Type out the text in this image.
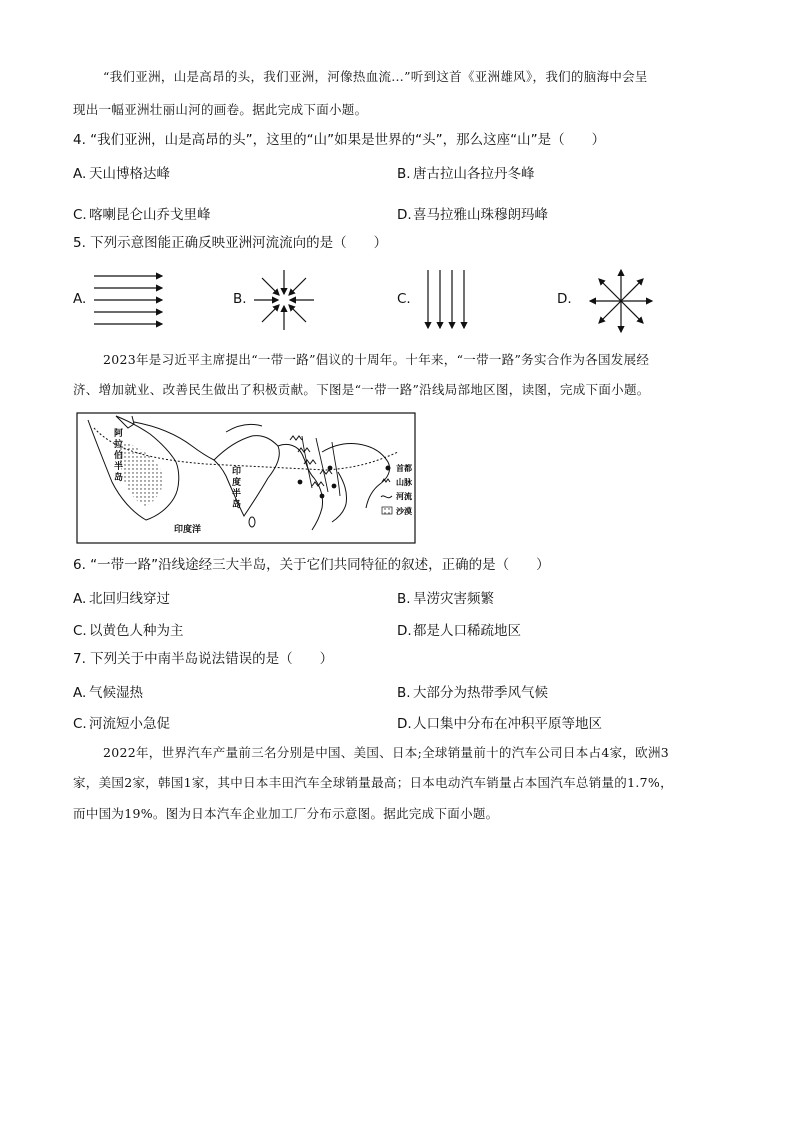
“我们亚洲，山是高昂的头，我们亚洲，河像热血流…”听到这首《亚洲雄风》，我们的脑海中会呈
现出一幅亚洲壮丽山河的画卷。据此完成下面小题。
4. “我们亚洲，山是高昂的头”，这里的“山”如果是世界的“头”，那么这座“山”是（　　）
A. 天山博格达峰	B. 唐古拉山各拉丹冬峰
C. 喀喇昆仑山乔戈里峰	D.喜马拉雅山珠穆朗玛峰
5. 下列示意图能正确反映亚洲河流流向的是（　　）
A.	B.	C.	D.
2023年是习近平主席提出“一带一路”倡议的十周年。十年来，“一带一路”务实合作为各国发展经
济、增加就业、改善民生做出了积极贡献。下图是“一带一路”沿线局部地区图，读图，完成下面小题。
阿
拉
伯
半
岛
印
度
半
岛
印度洋
首都
山脉
河流
沙漠
6. “一带一路”沿线途经三大半岛，关于它们共同特征的叙述，正确的是（　　）
A. 北回归线穿过	B. 旱涝灾害频繁
C. 以黄色人种为主	D.都是人口稀疏地区
7. 下列关于中南半岛说法错误的是（　　）
A. 气候湿热	B. 大部分为热带季风气候
C. 河流短小急促	D.人口集中分布在冲积平原等地区
2022年，世界汽车产量前三名分别是中国、美国、日本;全球销量前十的汽车公司日本占4家，欧洲3
家，美国2家，韩国1家，其中日本丰田汽车全球销量最高；日本电动汽车销量占本国汽车总销量的1.7%，
而中国为19%。图为日本汽车企业加工厂分布示意图。据此完成下面小题。
